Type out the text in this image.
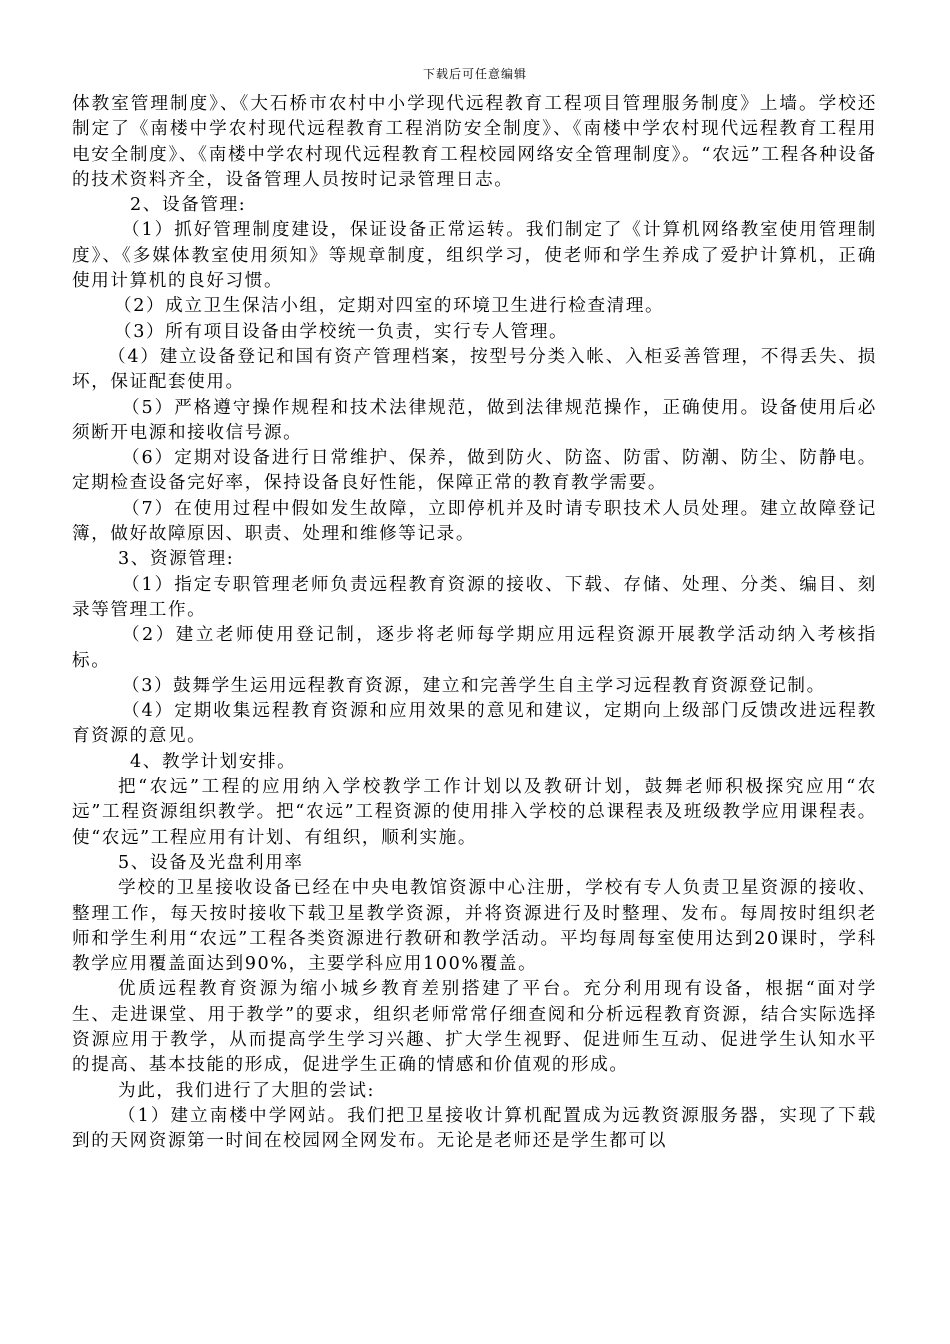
下载后可任意编辑

体教室管理制度》、《大石桥市农村中小学现代远程教育工程项目管理服务制度》上墙。学校还制定了《南楼中学农村现代远程教育工程消防安全制度》、《南楼中学农村现代远程教育工程用电安全制度》、《南楼中学农村现代远程教育工程校园网络安全管理制度》。“农远”工程各种设备的技术资料齐全，设备管理人员按时记录管理日志。

2、设备管理:

（1）抓好管理制度建设，保证设备正常运转。我们制定了《计算机网络教室使用管理制度》、《多媒体教室使用须知》等规章制度，组织学习，使老师和学生养成了爱护计算机，正确使用计算机的良好习惯。

（2）成立卫生保洁小组，定期对四室的环境卫生进行检查清理。

（3）所有项目设备由学校统一负责，实行专人管理。

（4）建立设备登记和国有资产管理档案，按型号分类入帐、入柜妥善管理，不得丢失、损坏，保证配套使用。

（5）严格遵守操作规程和技术法律规范，做到法律规范操作，正确使用。设备使用后必须断开电源和接收信号源。

（6）定期对设备进行日常维护、保养，做到防火、防盗、防雷、防潮、防尘、防静电。定期检查设备完好率，保持设备良好性能，保障正常的教育教学需要。

（7）在使用过程中假如发生故障，立即停机并及时请专职技术人员处理。建立故障登记簿，做好故障原因、职责、处理和维修等记录。

3、资源管理:

（1）指定专职管理老师负责远程教育资源的接收、下载、存储、处理、分类、编目、刻录等管理工作。

（2）建立老师使用登记制，逐步将老师每学期应用远程资源开展教学活动纳入考核指标。

（3）鼓舞学生运用远程教育资源，建立和完善学生自主学习远程教育资源登记制。

（4）定期收集远程教育资源和应用效果的意见和建议，定期向上级部门反馈改进远程教育资源的意见。

4、教学计划安排。

把“农远”工程的应用纳入学校教学工作计划以及教研计划，鼓舞老师积极探究应用“农远”工程资源组织教学。把“农远”工程资源的使用排入学校的总课程表及班级教学应用课程表。使“农远”工程应用有计划、有组织，顺利实施。

5、设备及光盘利用率

学校的卫星接收设备已经在中央电教馆资源中心注册，学校有专人负责卫星资源的接收、整理工作，每天按时接收下载卫星教学资源，并将资源进行及时整理、发布。每周按时组织老师和学生利用“农远”工程各类资源进行教研和教学活动。平均每周每室使用达到20课时，学科教学应用覆盖面达到90%，主要学科应用100%覆盖。

优质远程教育资源为缩小城乡教育差别搭建了平台。充分利用现有设备，根据“面对学生、走进课堂、用于教学”的要求，组织老师常常仔细查阅和分析远程教育资源，结合实际选择资源应用于教学，从而提高学生学习兴趣、扩大学生视野、促进师生互动、促进学生认知水平的提高、基本技能的形成，促进学生正确的情感和价值观的形成。

为此，我们进行了大胆的尝试:

（1）建立南楼中学网站。我们把卫星接收计算机配置成为远教资源服务器，实现了下载到的天网资源第一时间在校园网全网发布。无论是老师还是学生都可以
